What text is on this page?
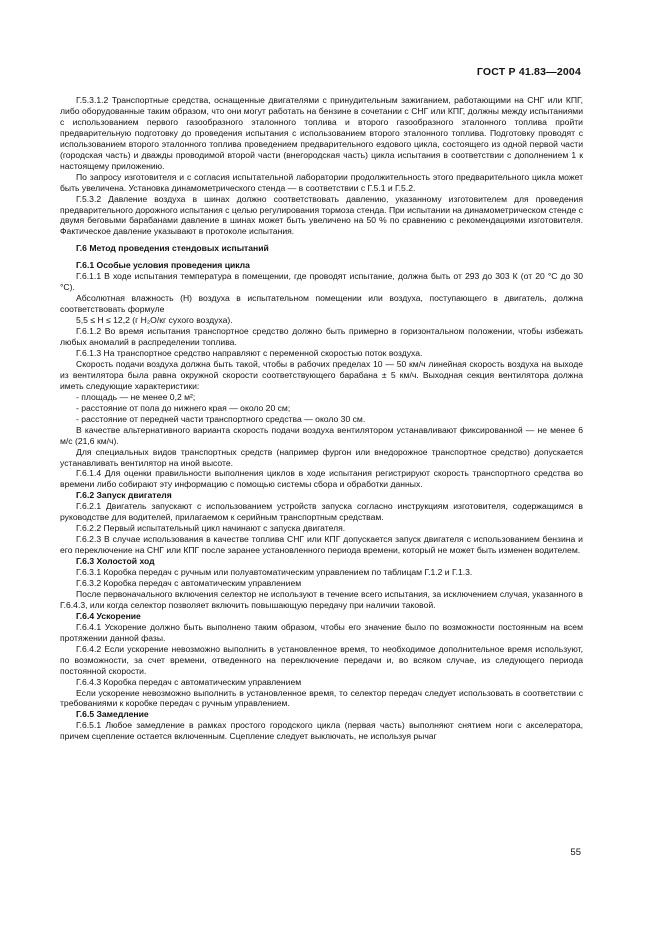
ГОСТ Р 41.83—2004

Г.5.3.1.2 Транспортные средства, оснащенные двигателями с принудительным зажиганием, работающими на СНГ или КПГ, либо оборудованные таким образом, что они могут работать на бензине в сочетании с СНГ или КПГ, должны между испытаниями с использованием первого газообразного эталонного топлива и второго газообразного эталонного топлива пройти предварительную подготовку до проведения испытания с использованием второго эталонного топлива. Подготовку проводят с использованием второго эталонного топлива проведением предварительного ездового цикла, состоящего из одной первой части (городская часть) и дважды проводимой второй части (внегородская часть) цикла испытания в соответствии с дополнением 1 к настоящему приложению.

По запросу изготовителя и с согласия испытательной лаборатории продолжительность этого предварительного цикла может быть увеличена. Установка динамометрического стенда — в соответствии с Г.5.1 и Г.5.2.

Г.5.3.2 Давление воздуха в шинах должно соответствовать давлению, указанному изготовителем для проведения предварительного дорожного испытания с целью регулирования тормоза стенда. При испытании на динамометрическом стенде с двумя беговыми барабанами давление в шинах может быть увеличено на 50 % по сравнению с рекомендациями изготовителя. Фактическое давление указывают в протоколе испытания.

Г.6 Метод проведения стендовых испытаний

Г.6.1 Особые условия проведения цикла

Г.6.1.1 В ходе испытания температура в помещении, где проводят испытание, должна быть от 293 до 303 К (от 20 °С до 30 °С).

Абсолютная влажность (H) воздуха в испытательном помещении или воздуха, поступающего в двигатель, должна соответствовать формуле

5,5 ≤ H ≤ 12,2 (г H₂O/кг сухого воздуха).

Г.6.1.2 Во время испытания транспортное средство должно быть примерно в горизонтальном положении, чтобы избежать любых аномалий в распределении топлива.

Г.6.1.3 На транспортное средство направляют с переменной скоростью поток воздуха.

Скорость подачи воздуха должна быть такой, чтобы в рабочих пределах 10 — 50 км/ч линейная скорость воздуха на выходе из вентилятора была равна окружной скорости соответствующего барабана ± 5 км/ч. Выходная секция вентилятора должна иметь следующие характеристики:

- площадь — не менее 0,2 м²;

- расстояние от пола до нижнего края — около 20 см;

- расстояние от передней части транспортного средства — около 30 см.

В качестве альтернативного варианта скорость подачи воздуха вентилятором устанавливают фиксированной — не менее 6 м/с (21,6 км/ч).

Для специальных видов транспортных средств (например фургон или внедорожное транспортное средство) допускается устанавливать вентилятор на иной высоте.

Г.6.1.4 Для оценки правильности выполнения циклов в ходе испытания регистрируют скорость транспортного средства во времени либо собирают эту информацию с помощью системы сбора и обработки данных.

Г.6.2 Запуск двигателя

Г.6.2.1 Двигатель запускают с использованием устройств запуска согласно инструкциям изготовителя, содержащимся в руководстве для водителей, прилагаемом к серийным транспортным средствам.

Г.6.2.2 Первый испытательный цикл начинают с запуска двигателя.

Г.6.2.3 В случае использования в качестве топлива СНГ или КПГ допускается запуск двигателя с использованием бензина и его переключение на СНГ или КПГ после заранее установленного периода времени, который не может быть изменен водителем.

Г.6.3 Холостой ход

Г.6.3.1 Коробка передач с ручным или полуавтоматическим управлением по таблицам Г.1.2 и Г.1.3.

Г.6.3.2 Коробка передач с автоматическим управлением

После первоначального включения селектор не используют в течение всего испытания, за исключением случая, указанного в Г.6.4.3, или когда селектор позволяет включить повышающую передачу при наличии таковой.

Г.6.4 Ускорение

Г.6.4.1 Ускорение должно быть выполнено таким образом, чтобы его значение было по возможности постоянным на всем протяжении данной фазы.

Г.6.4.2 Если ускорение невозможно выполнить в установленное время, то необходимое дополнительное время используют, по возможности, за счет времени, отведенного на переключение передачи и, во всяком случае, из следующего периода постоянной скорости.

Г.6.4.3 Коробка передач с автоматическим управлением

Если ускорение невозможно выполнить в установленное время, то селектор передач следует использовать в соответствии с требованиями к коробке передач с ручным управлением.

Г.6.5 Замедление

Г.6.5.1 Любое замедление в рамках простого городского цикла (первая часть) выполняют снятием ноги с акселератора, причем сцепление остается включенным. Сцепление следует выключать, не используя рычаг

55
